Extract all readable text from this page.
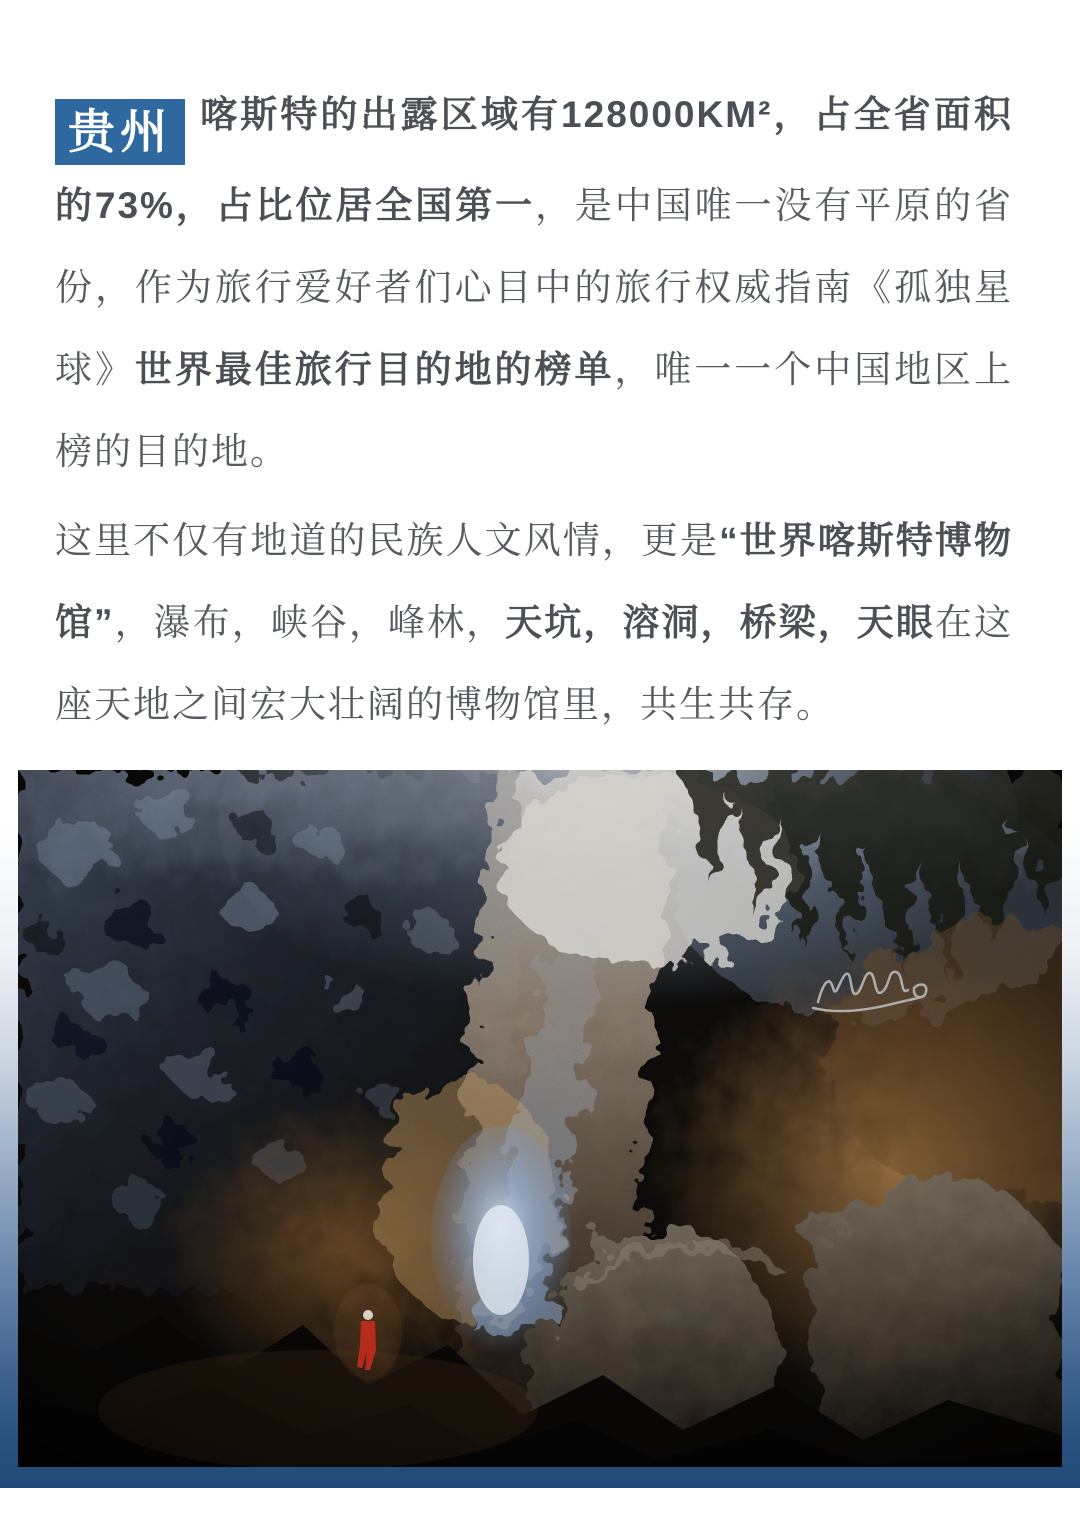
贵州 喀斯特的出露区域有128000KM²，占全省面积的73%，占比位居全国第一，是中国唯一没有平原的省份，作为旅行爱好者们心目中的旅行权威指南《孤独星球》世界最佳旅行目的地的榜单，唯一一个中国地区上榜的目的地。

这里不仅有地道的民族人文风情，更是“世界喀斯特博物馆”，瀑布，峡谷，峰林，天坑，溶洞，桥梁，天眼在这座天地之间宏大壮阔的博物馆里，共生共存。
